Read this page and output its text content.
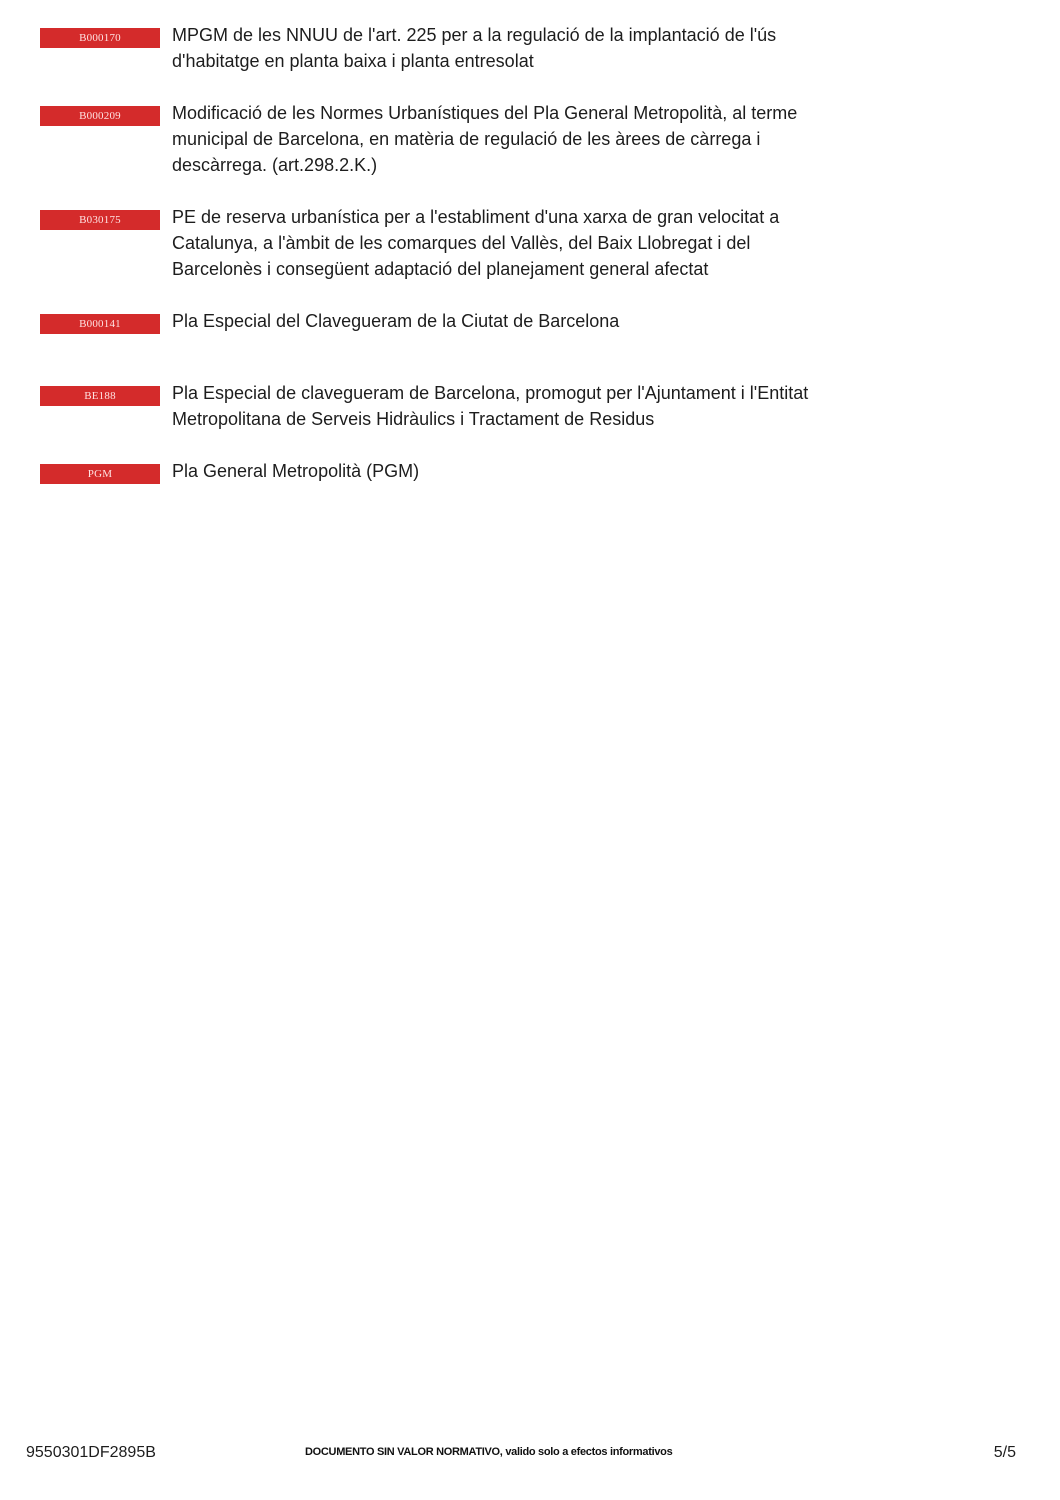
B000170	MPGM de les NNUU de l'art. 225 per a la regulació de la implantació de l'ús d'habitatge en planta baixa i planta entresolat
B000209	Modificació de les Normes Urbanístiques del Pla General Metropolità, al terme municipal de Barcelona, en matèria de regulació de les àrees de càrrega i descàrrega. (art.298.2.K.)
B030175	PE de reserva urbanística per a l'establiment d'una xarxa de gran velocitat a Catalunya, a l'àmbit de les comarques del Vallès, del Baix Llobregat i del Barcelonès i consegüent adaptació del planejament general afectat
B000141	Pla Especial del Clavegueram de la Ciutat de Barcelona
BE188	Pla Especial de clavegueram de Barcelona, promogut per l'Ajuntament i l'Entitat Metropolitana de Serveis Hidràulics i Tractament de Residus
PGM	Pla General Metropolità (PGM)
9550301DF2895B	DOCUMENTO SIN VALOR NORMATIVO, valido solo a efectos informativos	5/5
